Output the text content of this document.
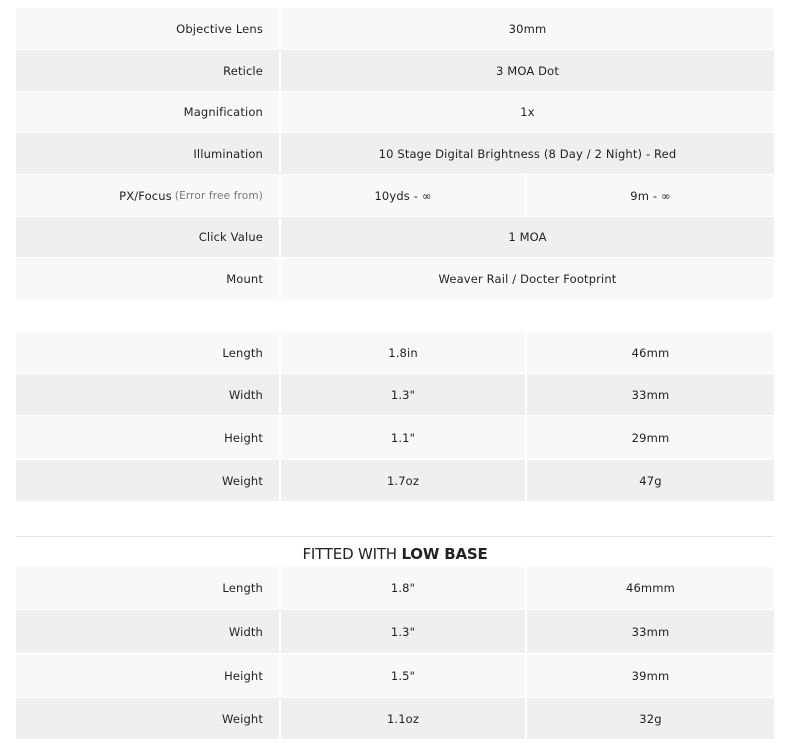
Objective Lens	30mm
Reticle	3 MOA Dot
Magnification	1x
Illumination	10 Stage Digital Brightness (8 Day / 2 Night) - Red
PX/Focus (Error free from)	10yds - ∞	9m - ∞
Click Value	1 MOA
Mount	Weaver Rail / Docter Footprint
Length	1.8in	46mm
Width	1.3"	33mm
Height	1.1"	29mm
Weight	1.7oz	47g
FITTED WITH LOW BASE
Length	1.8"	46mmm
Width	1.3"	33mm
Height	1.5"	39mm
Weight	1.1oz	32g
